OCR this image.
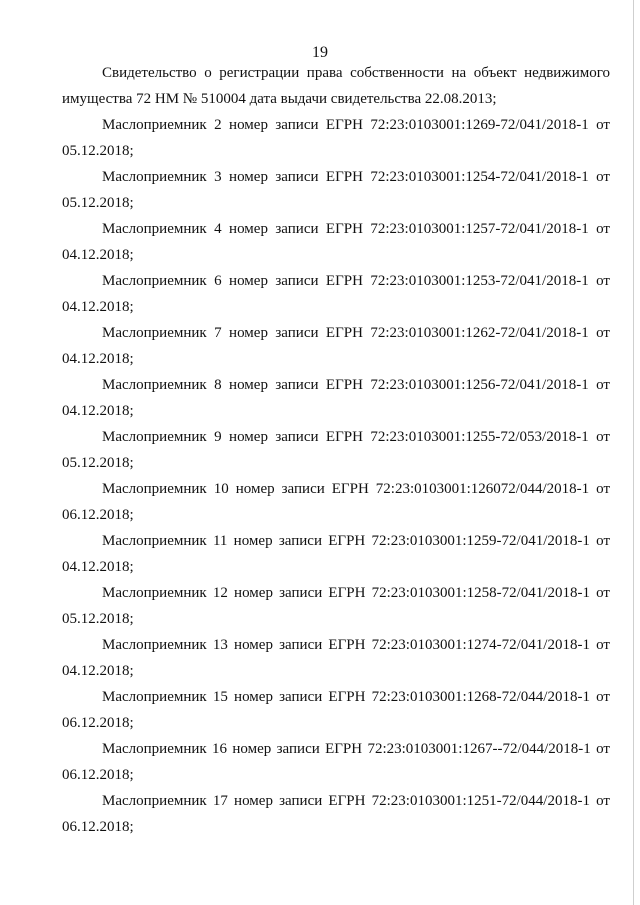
19
Свидетельство о регистрации права собственности на объект недвижимого имущества 72 НМ № 510004 дата выдачи свидетельства 22.08.2013;
Маслоприемник 2 номер записи ЕГРН 72:23:0103001:1269-72/041/2018-1 от 05.12.2018;
Маслоприемник 3 номер записи ЕГРН 72:23:0103001:1254-72/041/2018-1 от 05.12.2018;
Маслоприемник 4 номер записи ЕГРН 72:23:0103001:1257-72/041/2018-1 от 04.12.2018;
Маслоприемник 6 номер записи ЕГРН 72:23:0103001:1253-72/041/2018-1 от 04.12.2018;
Маслоприемник 7 номер записи ЕГРН 72:23:0103001:1262-72/041/2018-1 от 04.12.2018;
Маслоприемник 8 номер записи ЕГРН 72:23:0103001:1256-72/041/2018-1 от 04.12.2018;
Маслоприемник 9 номер записи ЕГРН 72:23:0103001:1255-72/053/2018-1 от 05.12.2018;
Маслоприемник 10 номер записи ЕГРН 72:23:0103001:126072/044/2018-1 от 06.12.2018;
Маслоприемник 11 номер записи ЕГРН 72:23:0103001:1259-72/041/2018-1 от 04.12.2018;
Маслоприемник 12 номер записи ЕГРН 72:23:0103001:1258-72/041/2018-1 от 05.12.2018;
Маслоприемник 13 номер записи ЕГРН 72:23:0103001:1274-72/041/2018-1 от 04.12.2018;
Маслоприемник 15 номер записи ЕГРН 72:23:0103001:1268-72/044/2018-1 от 06.12.2018;
Маслоприемник 16 номер записи ЕГРН 72:23:0103001:1267--72/044/2018-1 от 06.12.2018;
Маслоприемник 17 номер записи ЕГРН 72:23:0103001:1251-72/044/2018-1 от 06.12.2018;
